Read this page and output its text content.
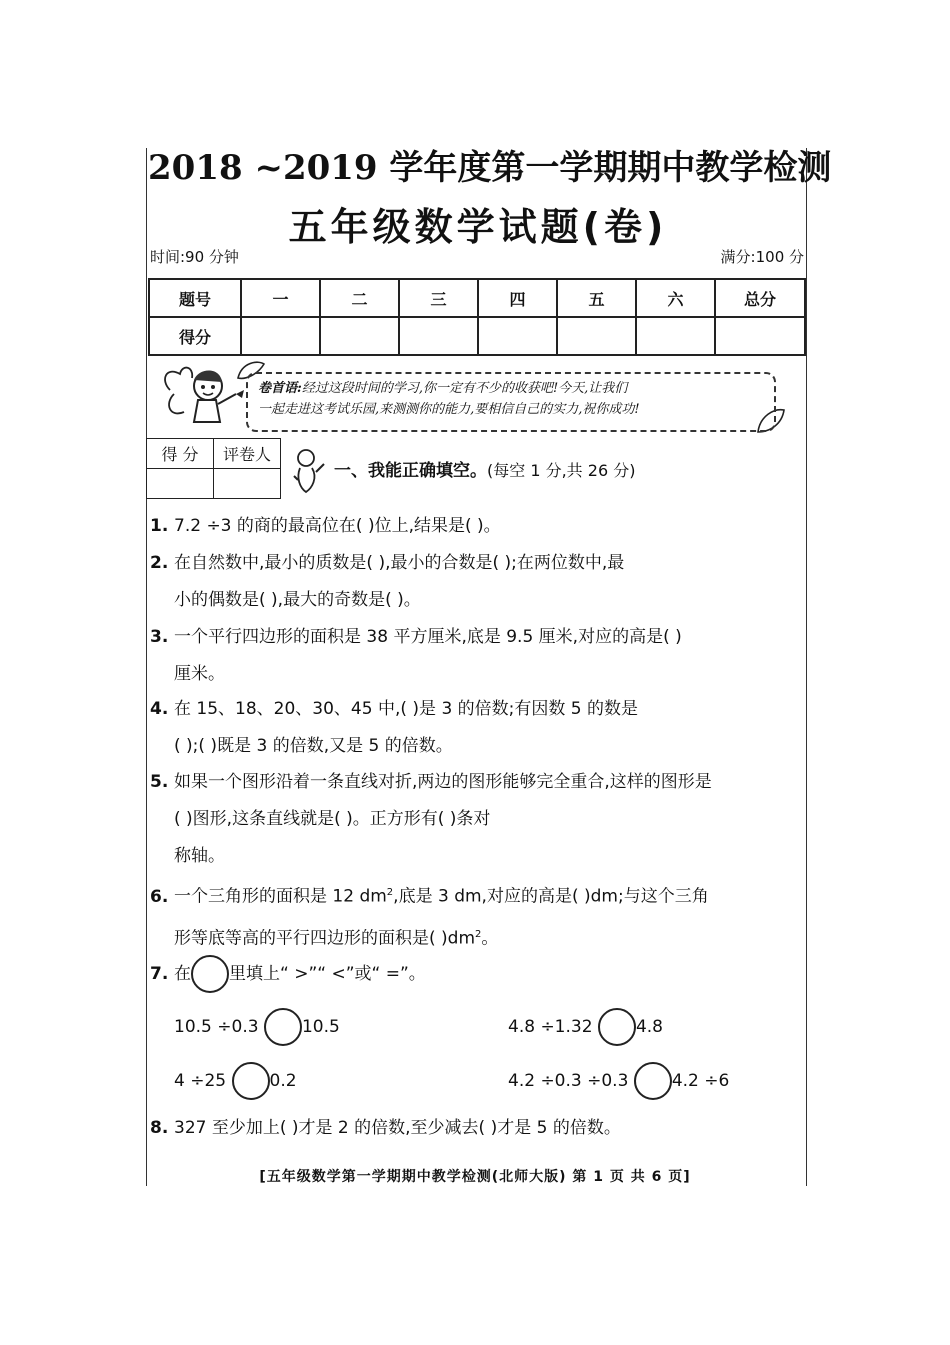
2018 ~2019 学年度第一学期期中教学检测
五年级数学试题(卷)
时间:90 分钟	满分:100 分
题号	一	二	三	四	五	六	总分
得分							
卷首语:经过这段时间的学习,你一定有不少的收获吧!今天,让我们
一起走进这考试乐园,来测测你的能力,要相信自己的实力,祝你成功!
得 分	评卷人

一、我能正确填空。(每空 1 分,共 26 分)
1. 7.2 ÷3 的商的最高位在( )位上,结果是( )。
2. 在自然数中,最小的质数是( ),最小的合数是( );在两位数中,最
小的偶数是( ),最大的奇数是( )。
3. 一个平行四边形的面积是 38 平方厘米,底是 9.5 厘米,对应的高是( )
厘米。
4. 在 15、18、20、30、45 中,( )是 3 的倍数;有因数 5 的数是
( );( )既是 3 的倍数,又是 5 的倍数。
5. 如果一个图形沿着一条直线对折,两边的图形能够完全重合,这样的图形是
( )图形,这条直线就是( )。正方形有( )条对
称轴。
6. 一个三角形的面积是 12 $dm^2$,底是 3 dm,对应的高是( )dm;与这个三角
形等底等高的平行四边形的面积是( )$dm^2$。
7. 在 里填上“ >”“ <”或“ =”。
10.5 ÷0.3	10.5	4.8 ÷1.32	4.8
4 ÷25	0.2	4.2 ÷0.3 ÷0.3	4.2 ÷6
8. 327 至少加上( )才是 2 的倍数,至少减去( )才是 5 的倍数。
[五年级数学第一学期期中教学检测(北师大版) 第 1 页 共 6 页]
